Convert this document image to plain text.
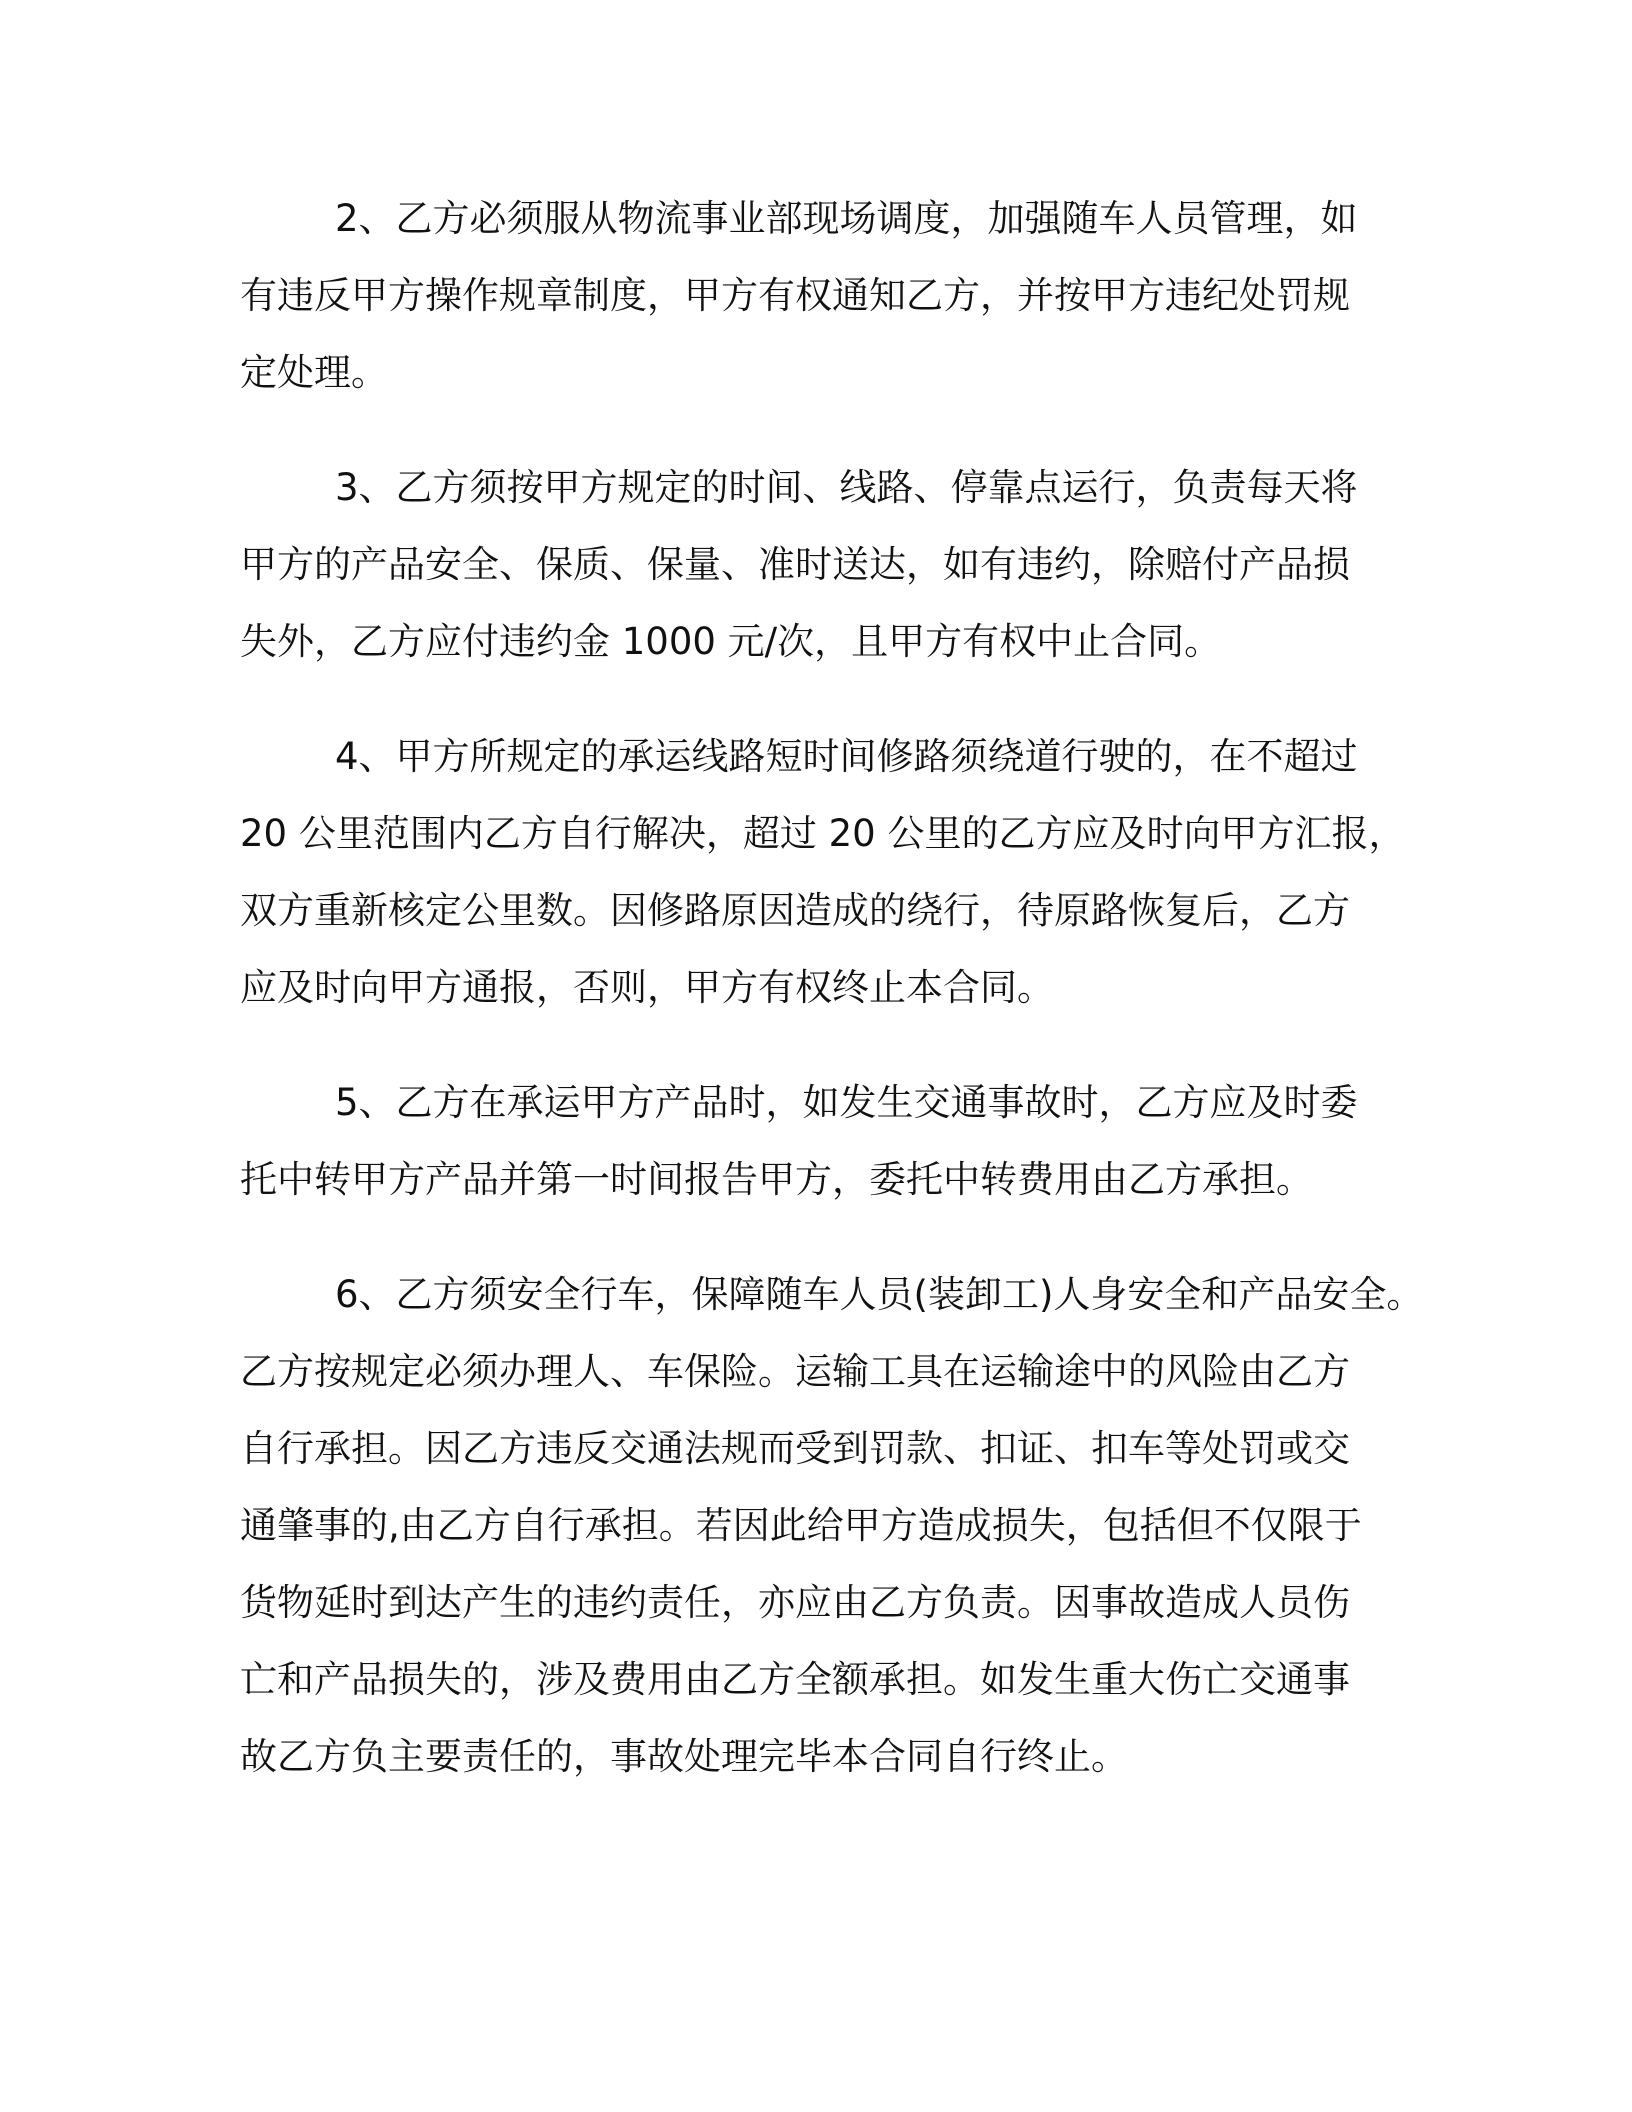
2、乙方必须服从物流事业部现场调度，加强随车人员管理，如
有违反甲方操作规章制度，甲方有权通知乙方，并按甲方违纪处罚规
定处理。
3、乙方须按甲方规定的时间、线路、停靠点运行，负责每天将
甲方的产品安全、保质、保量、准时送达，如有违约，除赔付产品损
失外，乙方应付违约金 1000 元/次，且甲方有权中止合同。
4、甲方所规定的承运线路短时间修路须绕道行驶的，在不超过
20 公里范围内乙方自行解决，超过 20 公里的乙方应及时向甲方汇报，
双方重新核定公里数。因修路原因造成的绕行，待原路恢复后，乙方
应及时向甲方通报，否则，甲方有权终止本合同。
5、乙方在承运甲方产品时，如发生交通事故时，乙方应及时委
托中转甲方产品并第一时间报告甲方，委托中转费用由乙方承担。
6、乙方须安全行车，保障随车人员(装卸工)人身安全和产品安全。
乙方按规定必须办理人、车保险。运输工具在运输途中的风险由乙方
自行承担。因乙方违反交通法规而受到罚款、扣证、扣车等处罚或交
通肇事的,由乙方自行承担。若因此给甲方造成损失，包括但不仅限于
货物延时到达产生的违约责任，亦应由乙方负责。因事故造成人员伤
亡和产品损失的，涉及费用由乙方全额承担。如发生重大伤亡交通事
故乙方负主要责任的，事故处理完毕本合同自行终止。
